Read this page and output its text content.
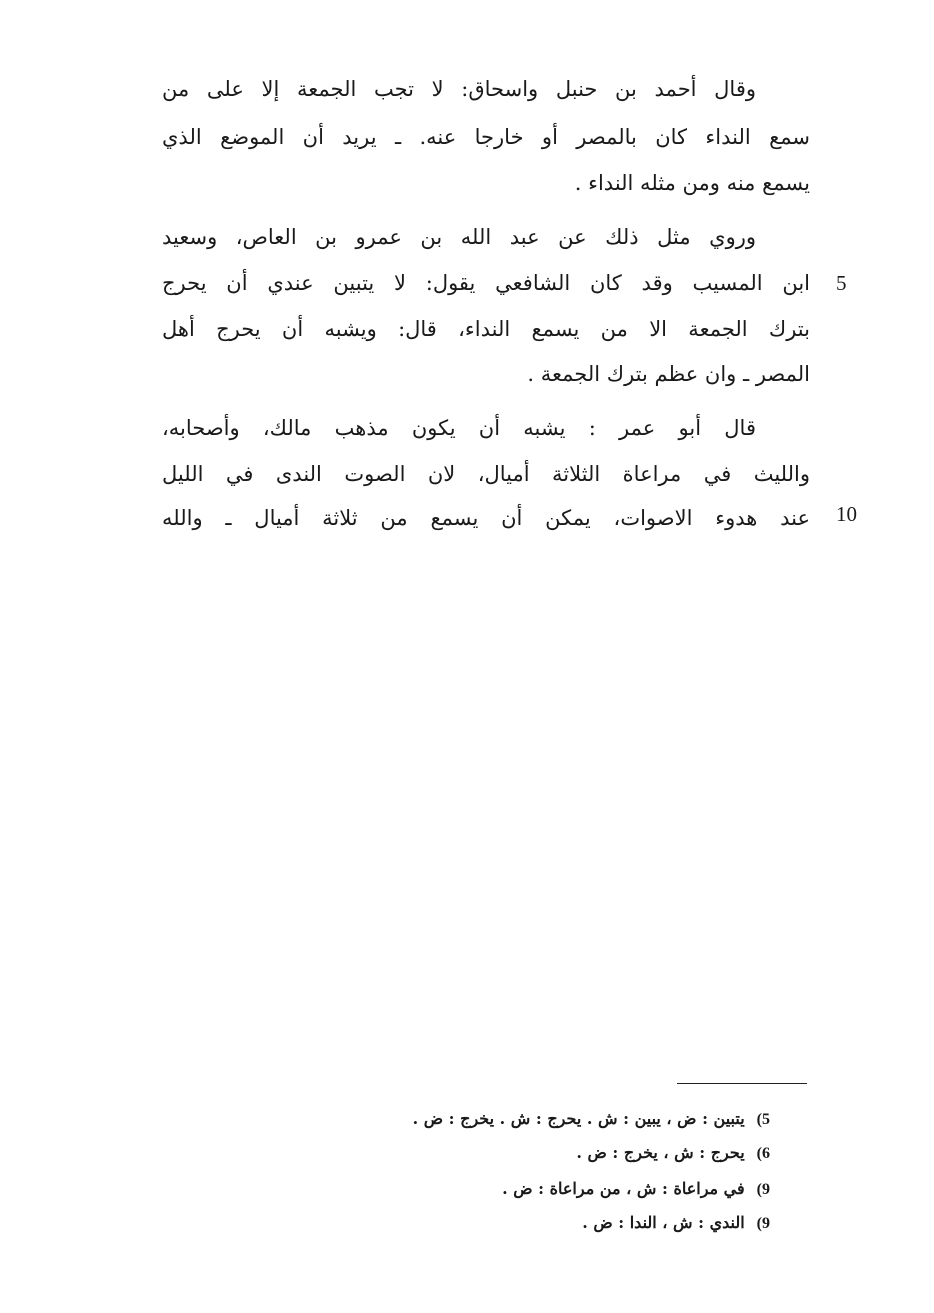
وقال أحمد بن حنبل واسحاق: لا تجب الجمعة إلا على من
سمع النداء كان بالمصر أو خارجا عنه. ـ يريد أن الموضع الذي
يسمع منه ومن مثله النداء .
وروي مثل ذلك عن عبد الله بن عمرو بن العاص، وسعيد
ابن المسيب وقد كان الشافعي يقول: لا يتبين عندي أن يحرج
بترك الجمعة الا من يسمع النداء، قال: ويشبه أن يحرج أهل
المصر ـ وان عظم بترك الجمعة .
قال أبو عمر : يشبه أن يكون مذهب مالك، وأصحابه،
والليث في مراعاة الثلاثة أميال، لان الصوت الندى في الليل
عند هدوء الاصوات، يمكن أن يسمع من ثلاثة أميال ـ والله
5
10
5)يتبين : ض ، يبين : ش . يحرج : ش . يخرج : ض .
6)يحرج : ش ، يخرج : ض .
9)في مراعاة : ش ، من مراعاة : ض .
9)الندي : ش ، الندا : ض .
